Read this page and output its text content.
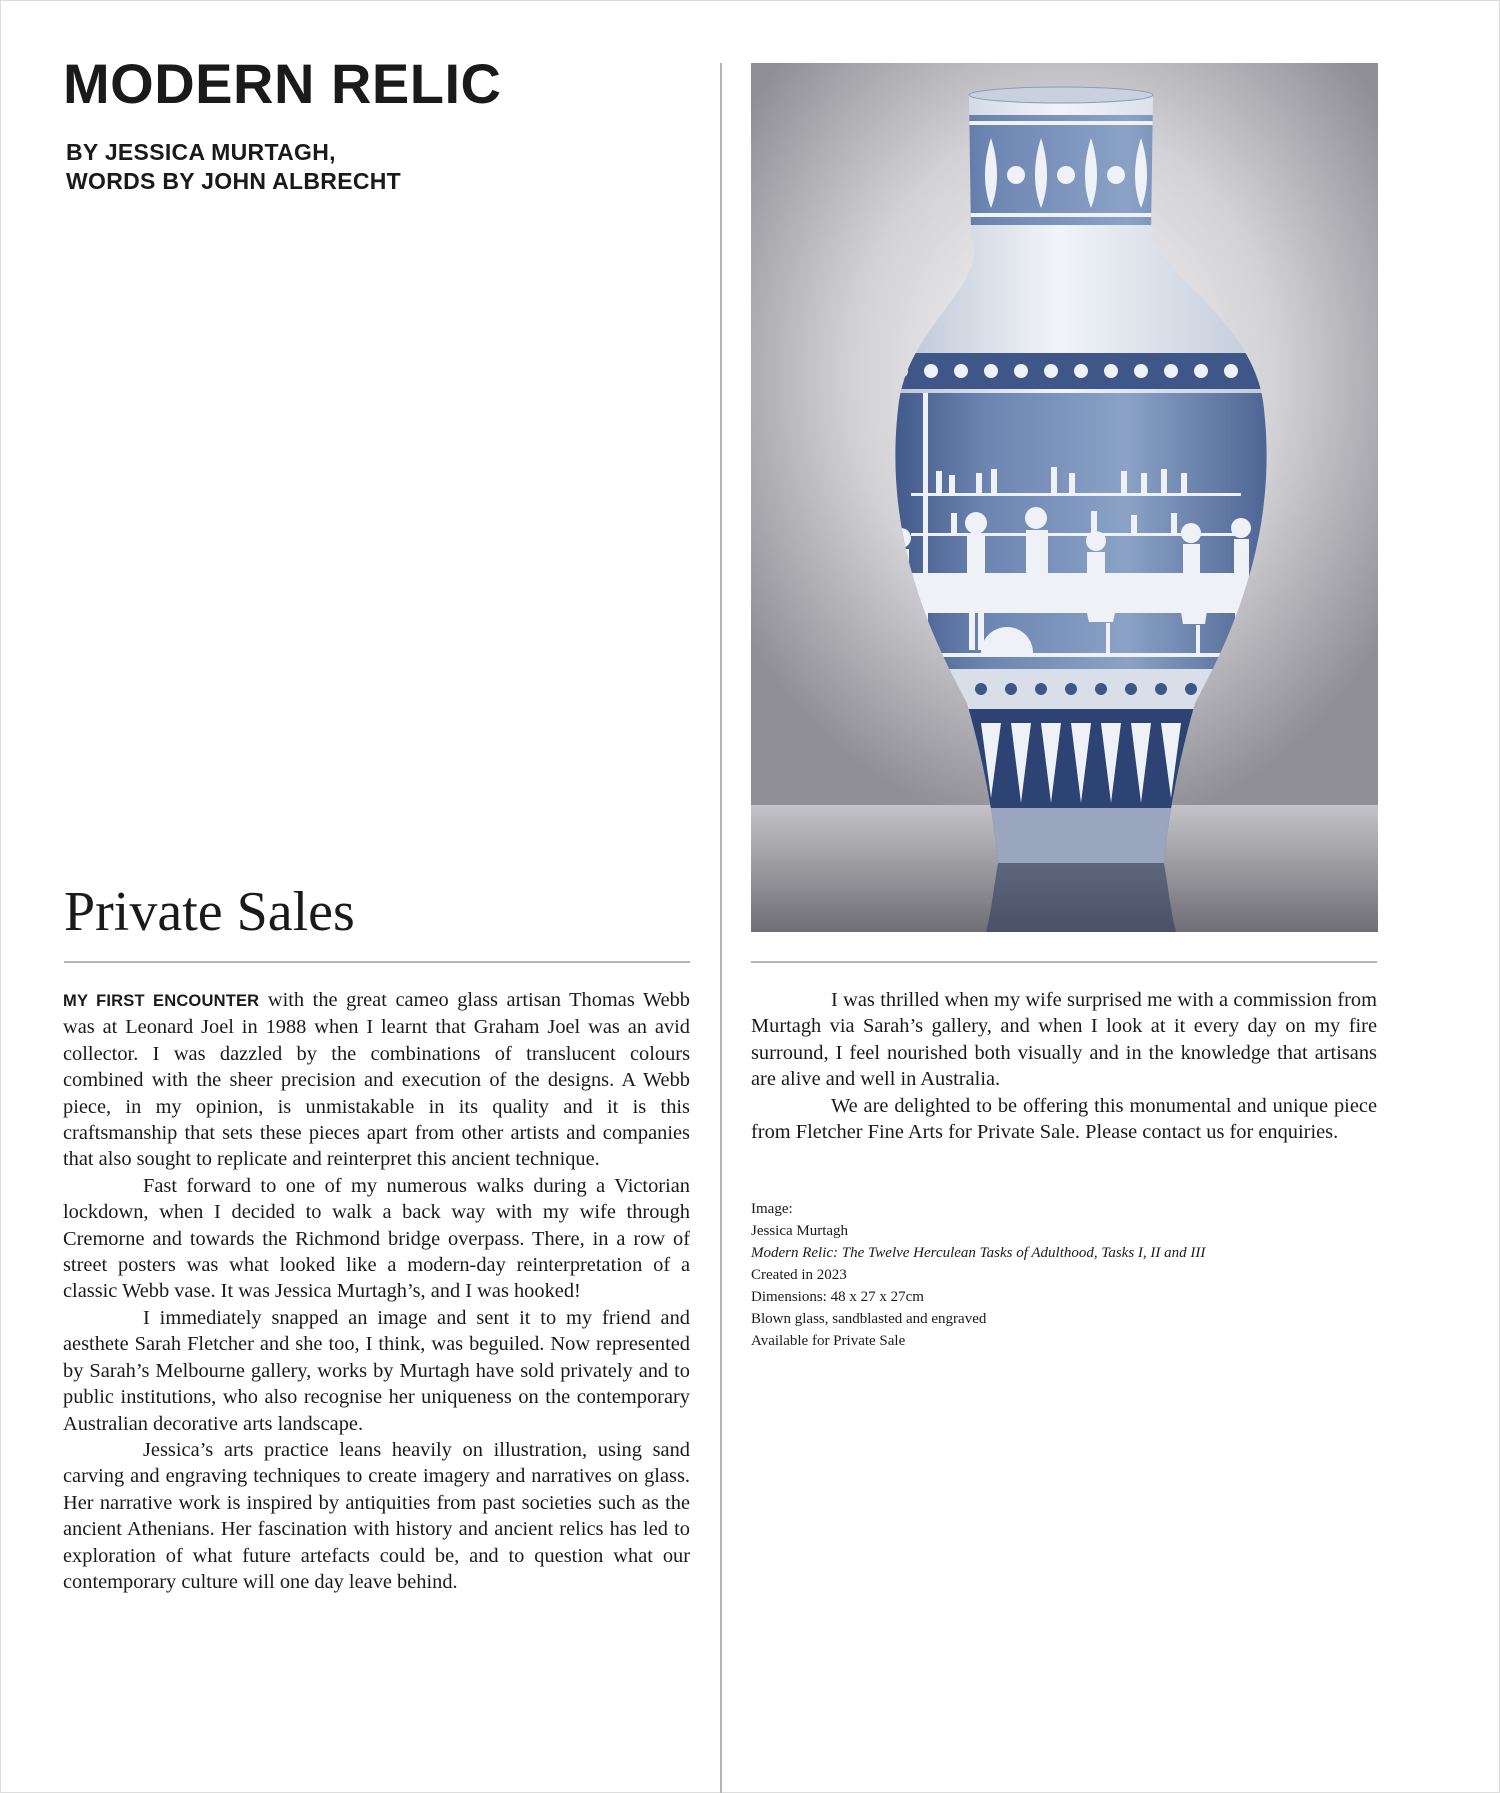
MODERN RELIC
BY JESSICA MURTAGH,
WORDS BY JOHN ALBRECHT
Private Sales

MY FIRST ENCOUNTER with the great cameo glass artisan Thomas Webb was at Leonard Joel in 1988 when I learnt that Graham Joel was an avid collector. I was dazzled by the combinations of translucent colours combined with the sheer precision and execution of the designs. A Webb piece, in my opinion, is unmistakable in its quality and it is this craftsmanship that sets these pieces apart from other artists and companies that also sought to replicate and reinterpret this ancient technique.

Fast forward to one of my numerous walks during a Victorian lockdown, when I decided to walk a back way with my wife through Cremorne and towards the Richmond bridge overpass. There, in a row of street posters was what looked like a modern-day reinterpretation of a classic Webb vase. It was Jessica Murtagh’s, and I was hooked!

I immediately snapped an image and sent it to my friend and aesthete Sarah Fletcher and she too, I think, was beguiled. Now represented by Sarah’s Melbourne gallery, works by Murtagh have sold privately and to public institutions, who also recognise her uniqueness on the contemporary Australian decorative arts landscape.

Jessica’s arts practice leans heavily on illustration, using sand carving and engraving techniques to create imagery and narratives on glass. Her narrative work is inspired by antiquities from past societies such as the ancient Athenians. Her fascination with history and ancient relics has led to exploration of what future artefacts could be, and to question what our contemporary culture will one day leave behind.

I was thrilled when my wife surprised me with a commission from Murtagh via Sarah’s gallery, and when I look at it every day on my fire surround, I feel nourished both visually and in the knowledge that artisans are alive and well in Australia.

We are delighted to be offering this monumental and unique piece from Fletcher Fine Arts for Private Sale. Please contact us for enquiries.

Image:
Jessica Murtagh
Modern Relic: The Twelve Herculean Tasks of Adulthood, Tasks I, II and III
Created in 2023
Dimensions: 48 x 27 x 27cm
Blown glass, sandblasted and engraved
Available for Private Sale
